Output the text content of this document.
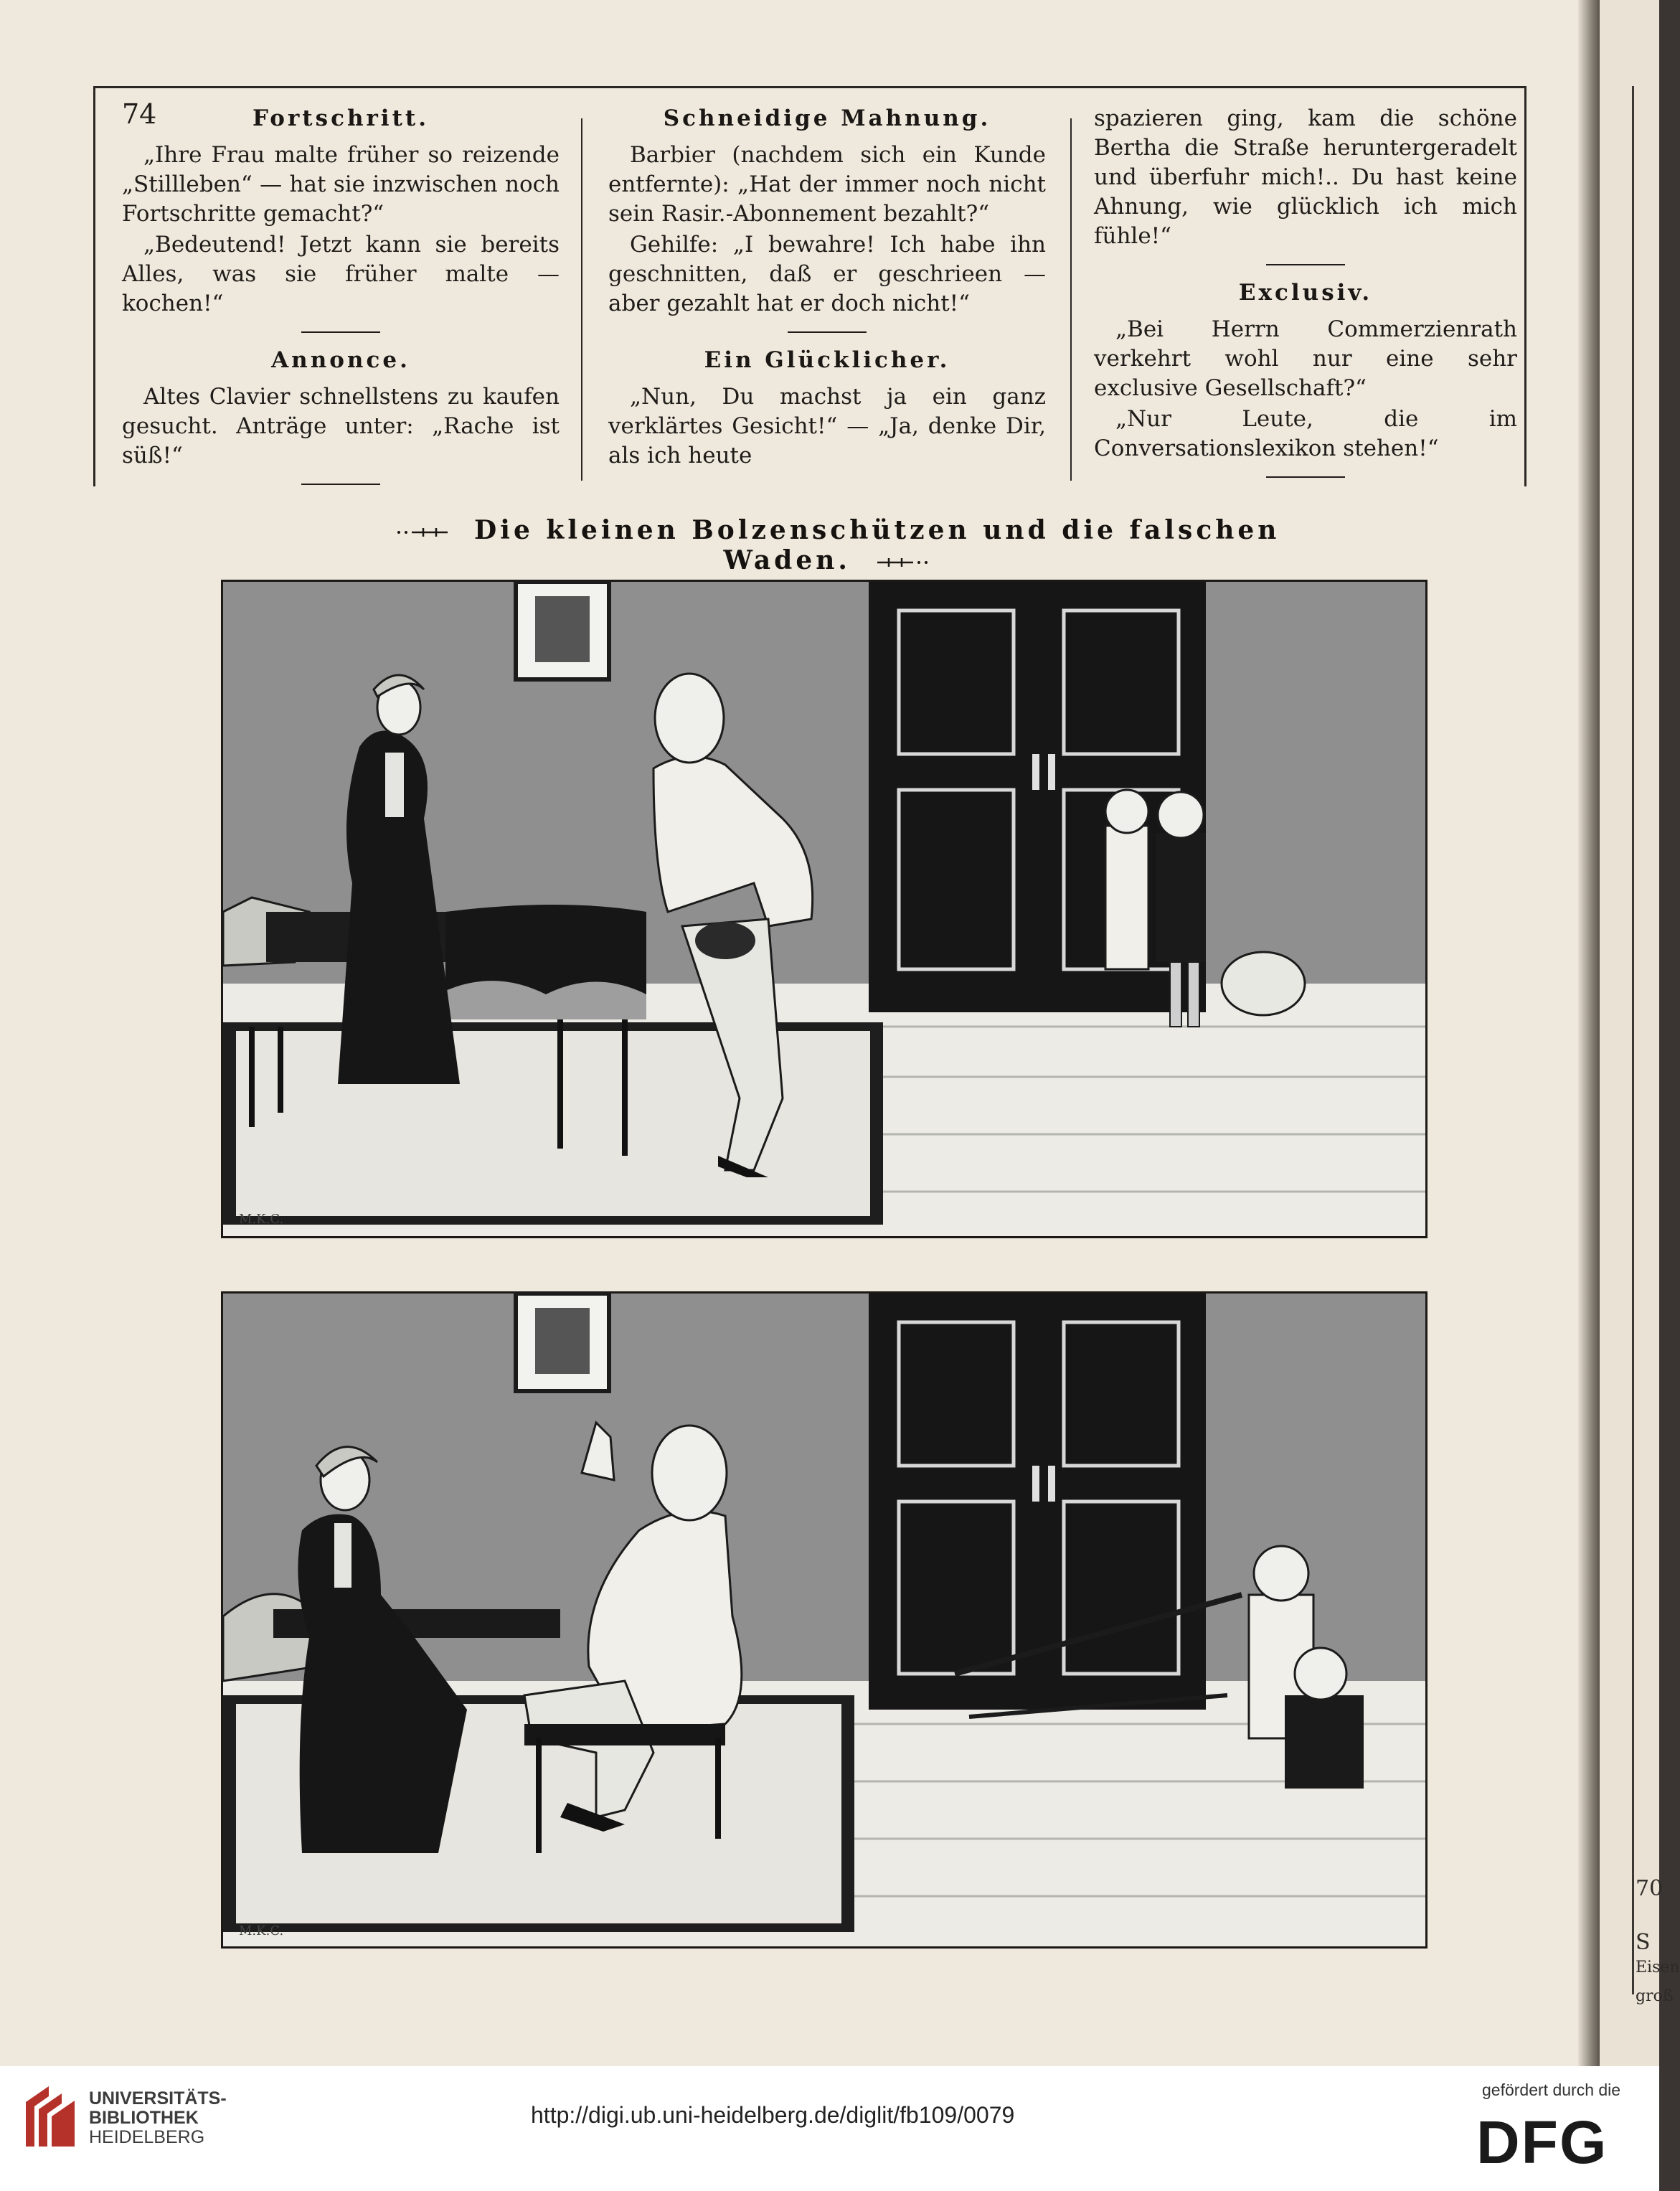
70
S
Eisen
groß
74	Fortschritt.

„Ihre Frau malte früher so reizende „Stillleben“ — hat sie inzwischen noch Fortschritte gemacht?“

„Bedeutend! Jetzt kann sie bereits Alles, was sie früher malte — kochen!“

Annonce.

Altes Clavier schnellstens zu kaufen gesucht. Anträge unter: „Rache ist süß!“

Schneidige Mahnung.

Barbier (nachdem sich ein Kunde entfernte): „Hat der immer noch nicht sein Rasir.-Abonnement bezahlt?“

Gehilfe: „I bewahre! Ich habe ihn geschnitten, daß er geschrieen — aber gezahlt hat er doch nicht!“

Ein Glücklicher.

„Nun, Du machst ja ein ganz verklärtes Gesicht!“ — „Ja, denke Dir, als ich heute

spazieren ging, kam die schöne Bertha die Straße heruntergeradelt und überfuhr mich!.. Du hast keine Ahnung, wie glücklich ich mich fühle!“

Exclusiv.

„Bei Herrn Commerzienrath verkehrt wohl nur eine sehr exclusive Gesellschaft?“

„Nur Leute, die im Conversationslexikon stehen!“

Die kleinen Bolzenschützen und die falschen Waden.
M.K.C.
M.K.C.
UNIVERSITÄTS-
BIBLIOTHEK
HEIDELBERG
http://digi.ub.uni-heidelberg.de/diglit/fb109/0079
gefördert durch die
DFG
